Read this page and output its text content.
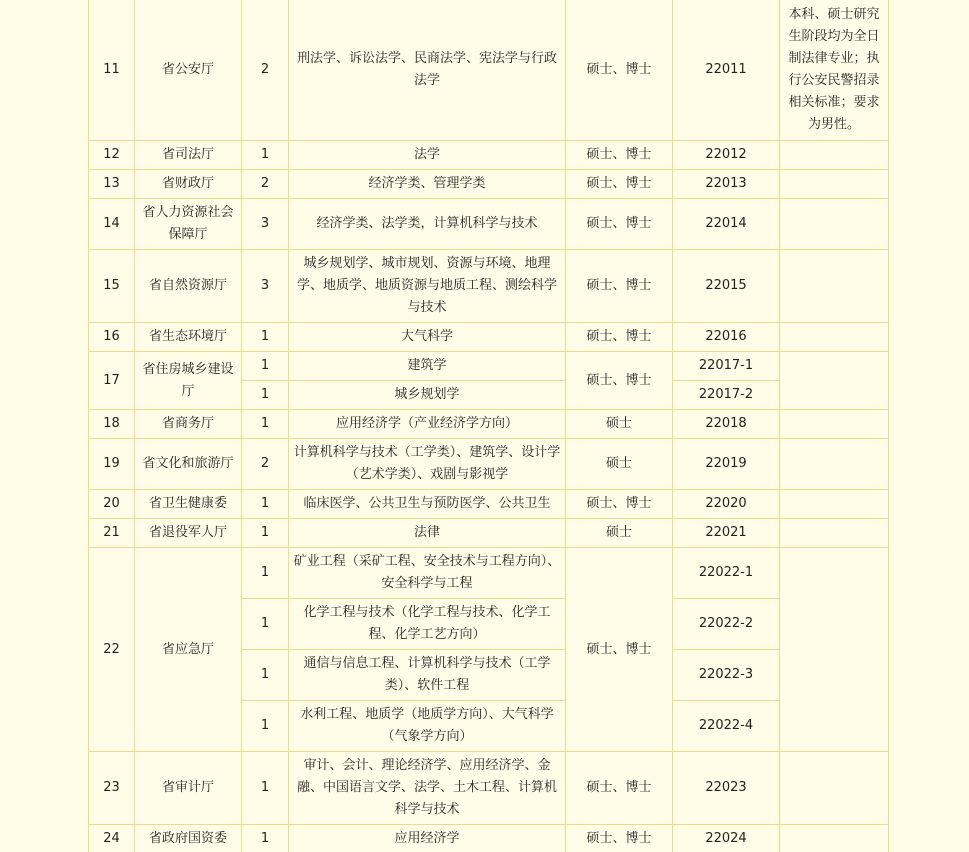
11	省公安厅	2	刑法学、诉讼法学、民商法学、宪法学与行政法学	硕士、博士	22011	本科、硕士研究生阶段均为全日制法律专业；执行公安民警招录相关标准；要求为男性。
12	省司法厅	1	法学	硕士、博士	22012	
13	省财政厅	2	经济学类、管理学类	硕士、博士	22013	
14	省人力资源社会保障厅	3	经济学类、法学类，计算机科学与技术	硕士、博士	22014	
15	省自然资源厅	3	城乡规划学、城市规划、资源与环境、地理学、地质学、地质资源与地质工程、测绘科学与技术	硕士、博士	22015	
16	省生态环境厅	1	大气科学	硕士、博士	22016	
17	省住房城乡建设厅	1	建筑学	硕士、博士	22017-1	
		1	城乡规划学		22017-2	
18	省商务厅	1	应用经济学（产业经济学方向）	硕士	22018	
19	省文化和旅游厅	2	计算机科学与技术（工学类）、建筑学、设计学（艺术学类）、戏剧与影视学	硕士	22019	
20	省卫生健康委	1	临床医学、公共卫生与预防医学、公共卫生	硕士、博士	22020	
21	省退役军人厅	1	法律	硕士	22021	
22	省应急厅	1	矿业工程（采矿工程、安全技术与工程方向）、安全科学与工程	硕士、博士	22022-1	
		1	化学工程与技术（化学工程与技术、化学工程、化学工艺方向）		22022-2	
		1	通信与信息工程、计算机科学与技术（工学类）、软件工程		22022-3	
		1	水利工程、地质学（地质学方向）、大气科学（气象学方向）		22022-4	
23	省审计厅	1	审计、会计、理论经济学、应用经济学、金融、中国语言文学、法学、土木工程、计算机科学与技术	硕士、博士	22023	
24	省政府国资委	1	应用经济学	硕士、博士	22024	
